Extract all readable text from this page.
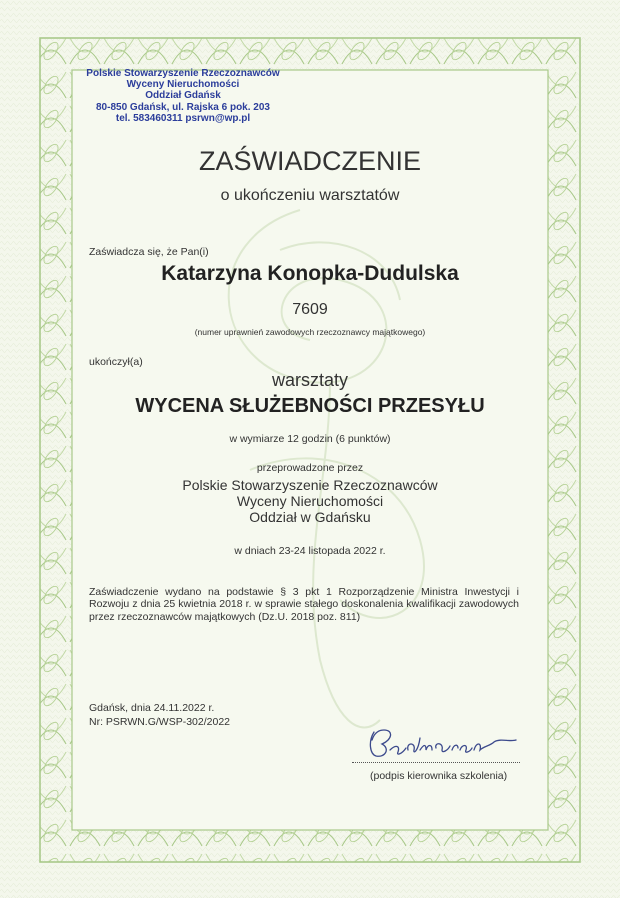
Polskie Stowarzyszenie Rzeczoznawców
Wyceny Nieruchomości
Oddział Gdańsk
80-850 Gdańsk, ul. Rajska 6 pok. 203
tel. 583460311 psrwn@wp.pl
ZAŚWIADCZENIE
o ukończeniu warsztatów
Zaświadcza się, że Pan(i)
Katarzyna Konopka-Dudulska
7609
(numer uprawnień zawodowych rzeczoznawcy majątkowego)
ukończył(a)
warsztaty
WYCENA SŁUŻEBNOŚCI PRZESYŁU
w wymiarze 12 godzin (6 punktów)
przeprowadzone przez
Polskie Stowarzyszenie Rzeczoznawców
Wyceny Nieruchomości
Oddział w Gdańsku
w dniach 23-24 listopada 2022 r.
Zaświadczenie wydano na podstawie § 3 pkt 1 Rozporządzenie Ministra Inwestycji i Rozwoju z dnia 25 kwietnia 2018 r. w sprawie stałego doskonalenia kwalifikacji zawodowych przez rzeczoznawców majątkowych (Dz.U. 2018 poz. 811)
Gdańsk, dnia 24.11.2022 r.
Nr: PSRWN.G/WSP-302/2022
(podpis kierownika szkolenia)
